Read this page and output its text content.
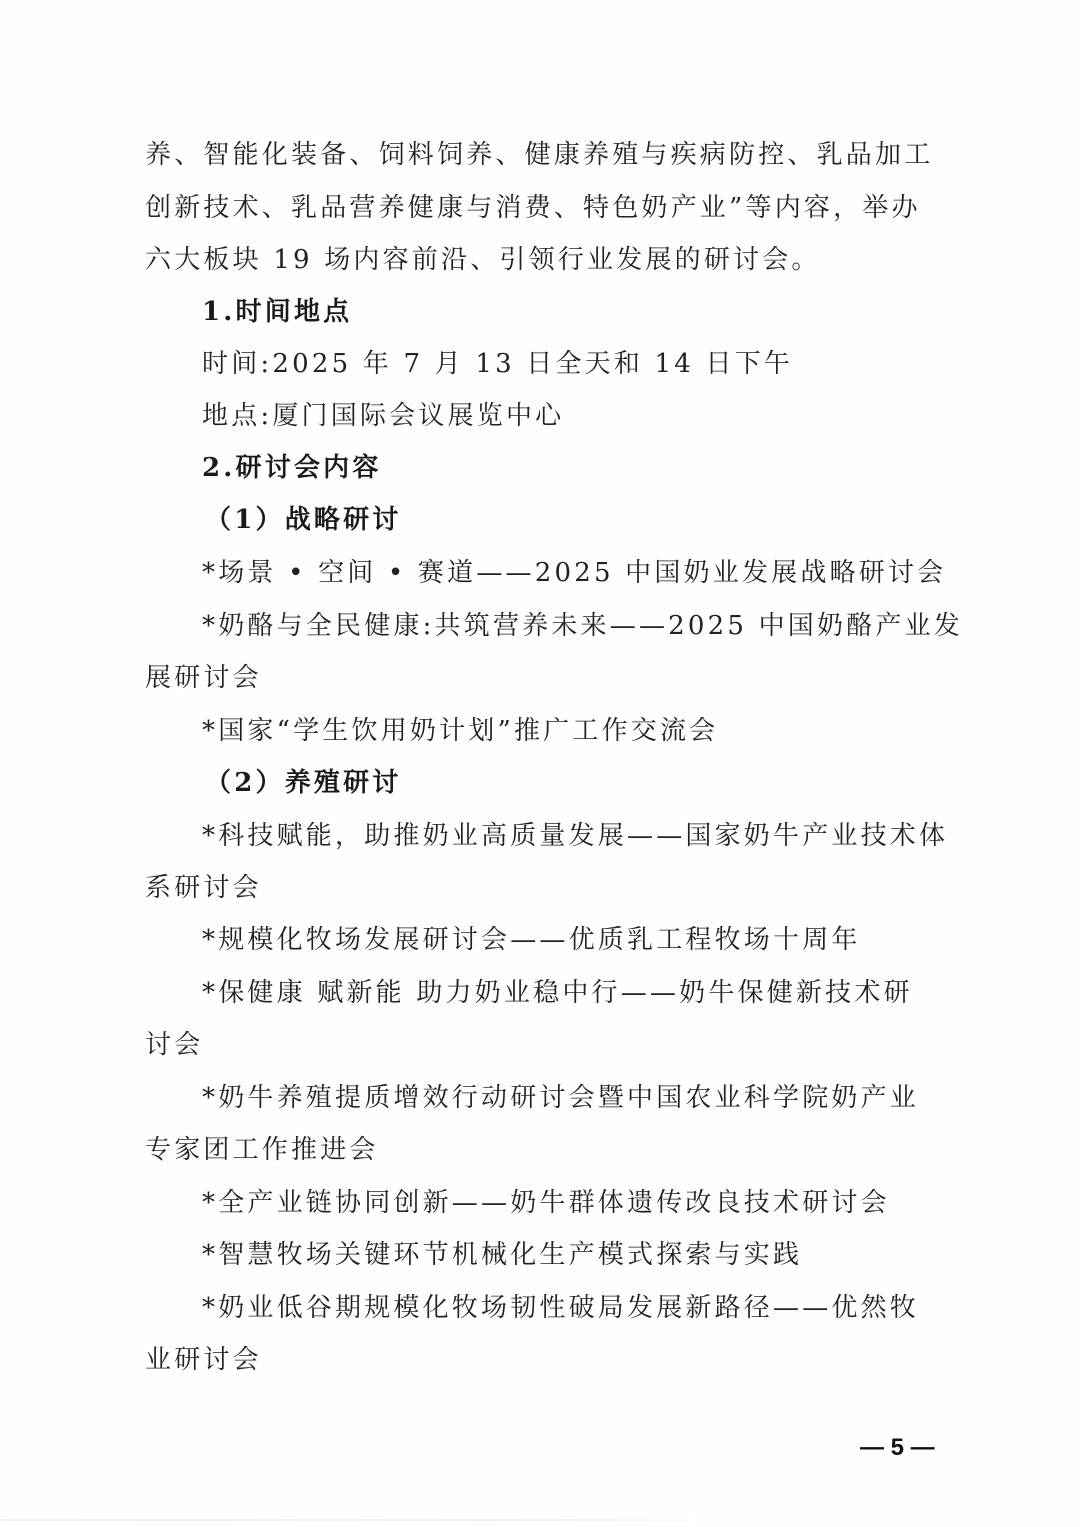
养、智能化装备、饲料饲养、健康养殖与疾病防控、乳品加工
创新技术、乳品营养健康与消费、特色奶产业”等内容，举办
六大板块 19 场内容前沿、引领行业发展的研讨会。
1.时间地点
时间:2025 年 7 月 13 日全天和 14 日下午
地点:厦门国际会议展览中心
2.研讨会内容
（1）战略研讨
*场景 • 空间 • 赛道——2025 中国奶业发展战略研讨会
*奶酪与全民健康:共筑营养未来——2025 中国奶酪产业发
展研讨会
*国家“学生饮用奶计划”推广工作交流会
（2）养殖研讨
*科技赋能，助推奶业高质量发展——国家奶牛产业技术体
系研讨会
*规模化牧场发展研讨会——优质乳工程牧场十周年
*保健康 赋新能 助力奶业稳中行——奶牛保健新技术研
讨会
*奶牛养殖提质增效行动研讨会暨中国农业科学院奶产业
专家团工作推进会
*全产业链协同创新——奶牛群体遗传改良技术研讨会
*智慧牧场关键环节机械化生产模式探索与实践
*奶业低谷期规模化牧场韧性破局发展新路径——优然牧
业研讨会
— 5 —
